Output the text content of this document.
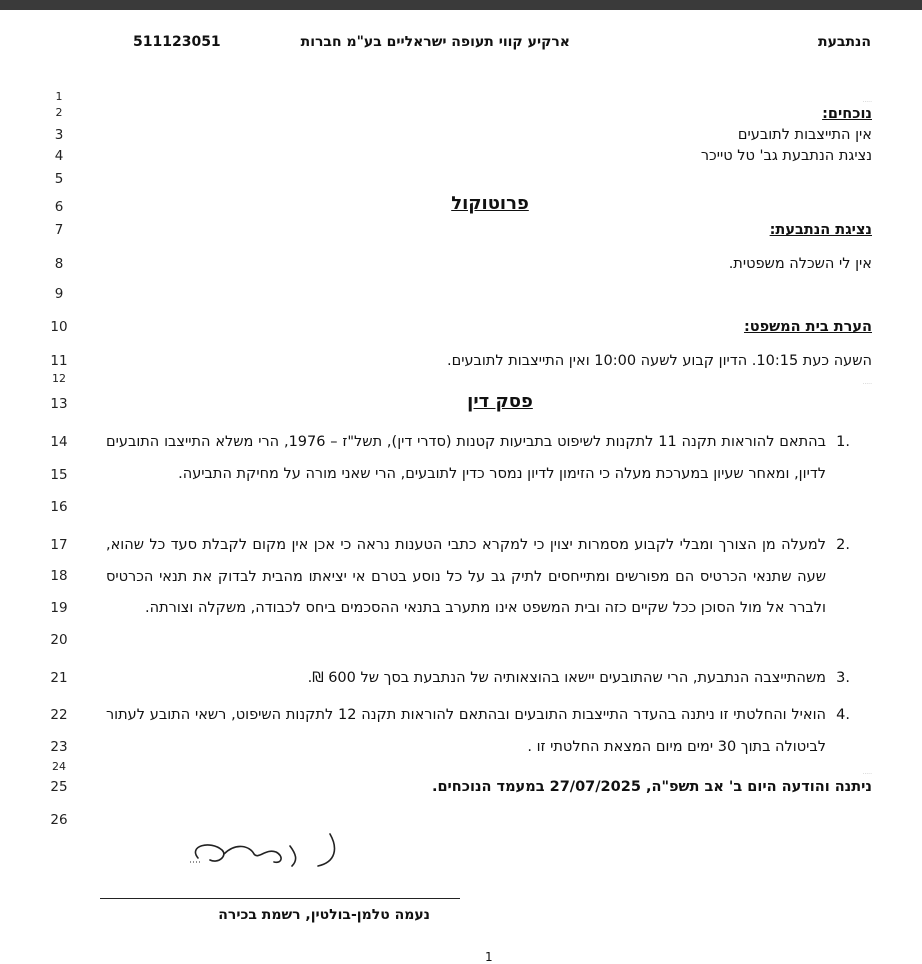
הנתבעת
ארקיע קווי תעופה ישראליים בע"מ חברות
511123051
1
2
3
4
5
6
7
8
9
10
11
12
13
14
15
16
17
18
19
20
21
22
23
24
25
26
·····
נוכחים:
אין התייצבות לתובעים
נציגת הנתבעת גב' טל טייכר
פרוטוקול
נציגת הנתבעת:
אין לי השכלה משפטית.
הערת בית המשפט:
השעה כעת 10:15. הדיון קבוע לשעה 10:00 ואין התייצבות לתובעים.
·····
פסק דין
1.
בהתאם להוראות תקנה 11 לתקנות לשיפוט בתביעות קטנות (סדרי דין), תשל"ז – 1976, הרי משלא התייצבו התובעים לדיון, ומאחר שעיון במערכת מעלה כי הזימון לדיון נמסר כדין לתובעים, הרי שאני מורה על מחיקת התביעה.
2.
למעלה מן הצורך ומבלי לקבוע מסמרות יצוין כי למקרא כתבי הטענות נראה כי אכן אין מקום לקבלת סעד כל שהוא, שעה שתנאי הכרטיס הם מפורשים ומתייחסים לתיק גב על כל נוסע בטרם אי יציאתו מהבית לבדוק את תנאי הכרטיס ולברר אל מול הסוכן ככל שקיים כזה ובית המשפט אינו מתערב בתנאי ההסכמים ביחס לכבודה, משקלה וצורתה.
3.
משהתייצבה הנתבעת, הרי שהתובעים יישאו בהוצאותיה של הנתבעת בסך של 600 ₪.
4.
הואיל והחלטתי זו ניתנה בהעדר התייצבות התובעים ובהתאם להוראות תקנה 12 לתקנות השיפוט, רשאי התובע לעתור לביטולה בתוך 30 ימים מיום המצאת החלטתי זו .
·····
ניתנה והודעה היום ב' אב תשפ"ה, 27/07/2025 במעמד הנוכחים.
נעמה טלמן-בולטין, רשמת בכירה
1
